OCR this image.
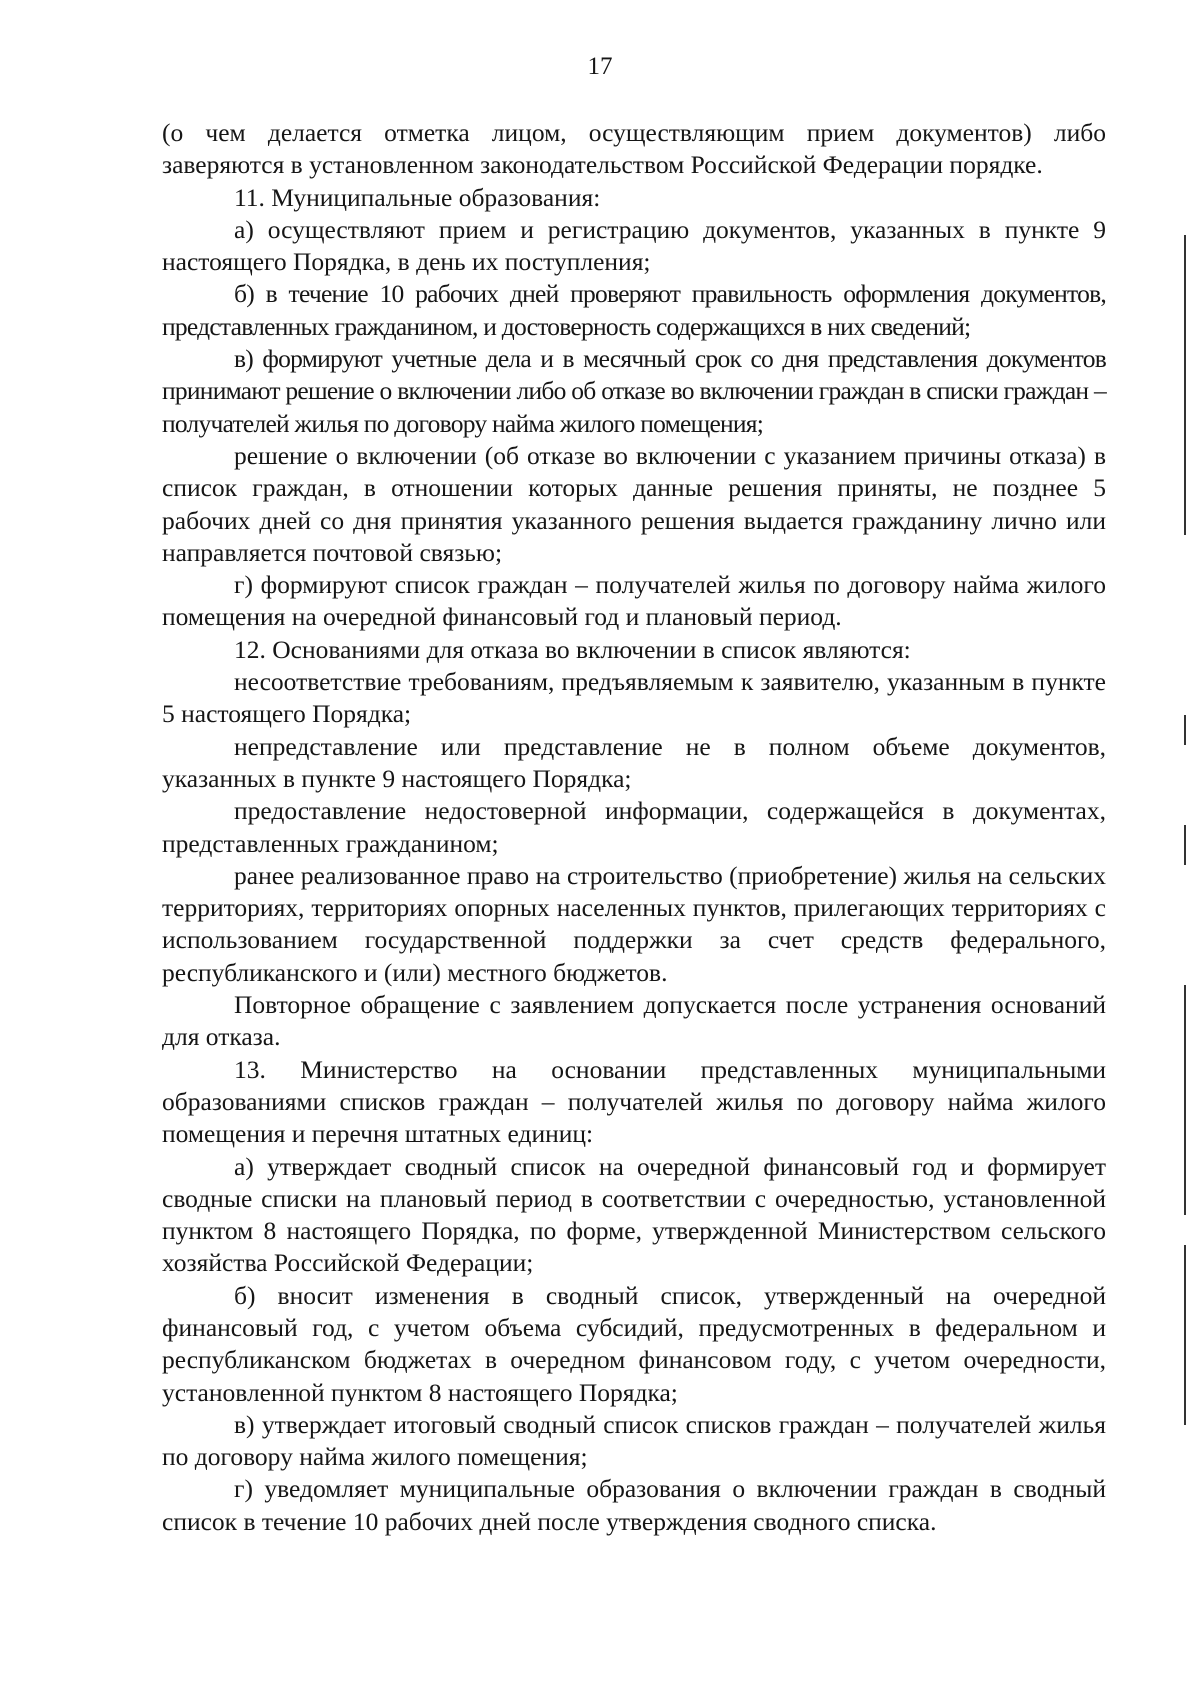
17

(о чем делается отметка лицом, осуществляющим прием документов) либо заверяются в установленном законодательством Российской Федерации порядке.

11. Муниципальные образования:

а) осуществляют прием и регистрацию документов, указанных в пункте 9 настоящего Порядка, в день их поступления;

б) в течение 10 рабочих дней проверяют правильность оформления документов, представленных гражданином, и достоверность содержащихся в них сведений;

в) формируют учетные дела и в месячный срок со дня представления документов принимают решение о включении либо об отказе во включении граждан в списки граждан – получателей жилья по договору найма жилого помещения;

решение о включении (об отказе во включении с указанием причины отказа) в список граждан, в отношении которых данные решения приняты, не позднее 5 рабочих дней со дня принятия указанного решения выдается гражданину лично или направляется почтовой связью;

г) формируют список граждан – получателей жилья по договору найма жилого помещения на очередной финансовый год и плановый период.

12. Основаниями для отказа во включении в список являются:

несоответствие требованиям, предъявляемым к заявителю, указанным в пункте 5 настоящего Порядка;

непредставление или представление не в полном объеме документов, указанных в пункте 9 настоящего Порядка;

предоставление недостоверной информации, содержащейся в документах, представленных гражданином;

ранее реализованное право на строительство (приобретение) жилья на сельских территориях, территориях опорных населенных пунктов, прилегающих территориях с использованием государственной поддержки за счет средств федерального, республиканского и (или) местного бюджетов.

Повторное обращение с заявлением допускается после устранения оснований для отказа.

13. Министерство на основании представленных муниципальными образованиями списков граждан – получателей жилья по договору найма жилого помещения и перечня штатных единиц:

а) утверждает сводный список на очередной финансовый год и формирует сводные списки на плановый период в соответствии с очередностью, установленной пунктом 8 настоящего Порядка, по форме, утвержденной Министерством сельского хозяйства Российской Федерации;

б) вносит изменения в сводный список, утвержденный на очередной финансовый год, с учетом объема субсидий, предусмотренных в федеральном и республиканском бюджетах в очередном финансовом году, с учетом очередности, установленной пунктом 8 настоящего Порядка;

в) утверждает итоговый сводный список списков граждан – получателей жилья по договору найма жилого помещения;

г) уведомляет муниципальные образования о включении граждан в сводный список в течение 10 рабочих дней после утверждения сводного списка.
